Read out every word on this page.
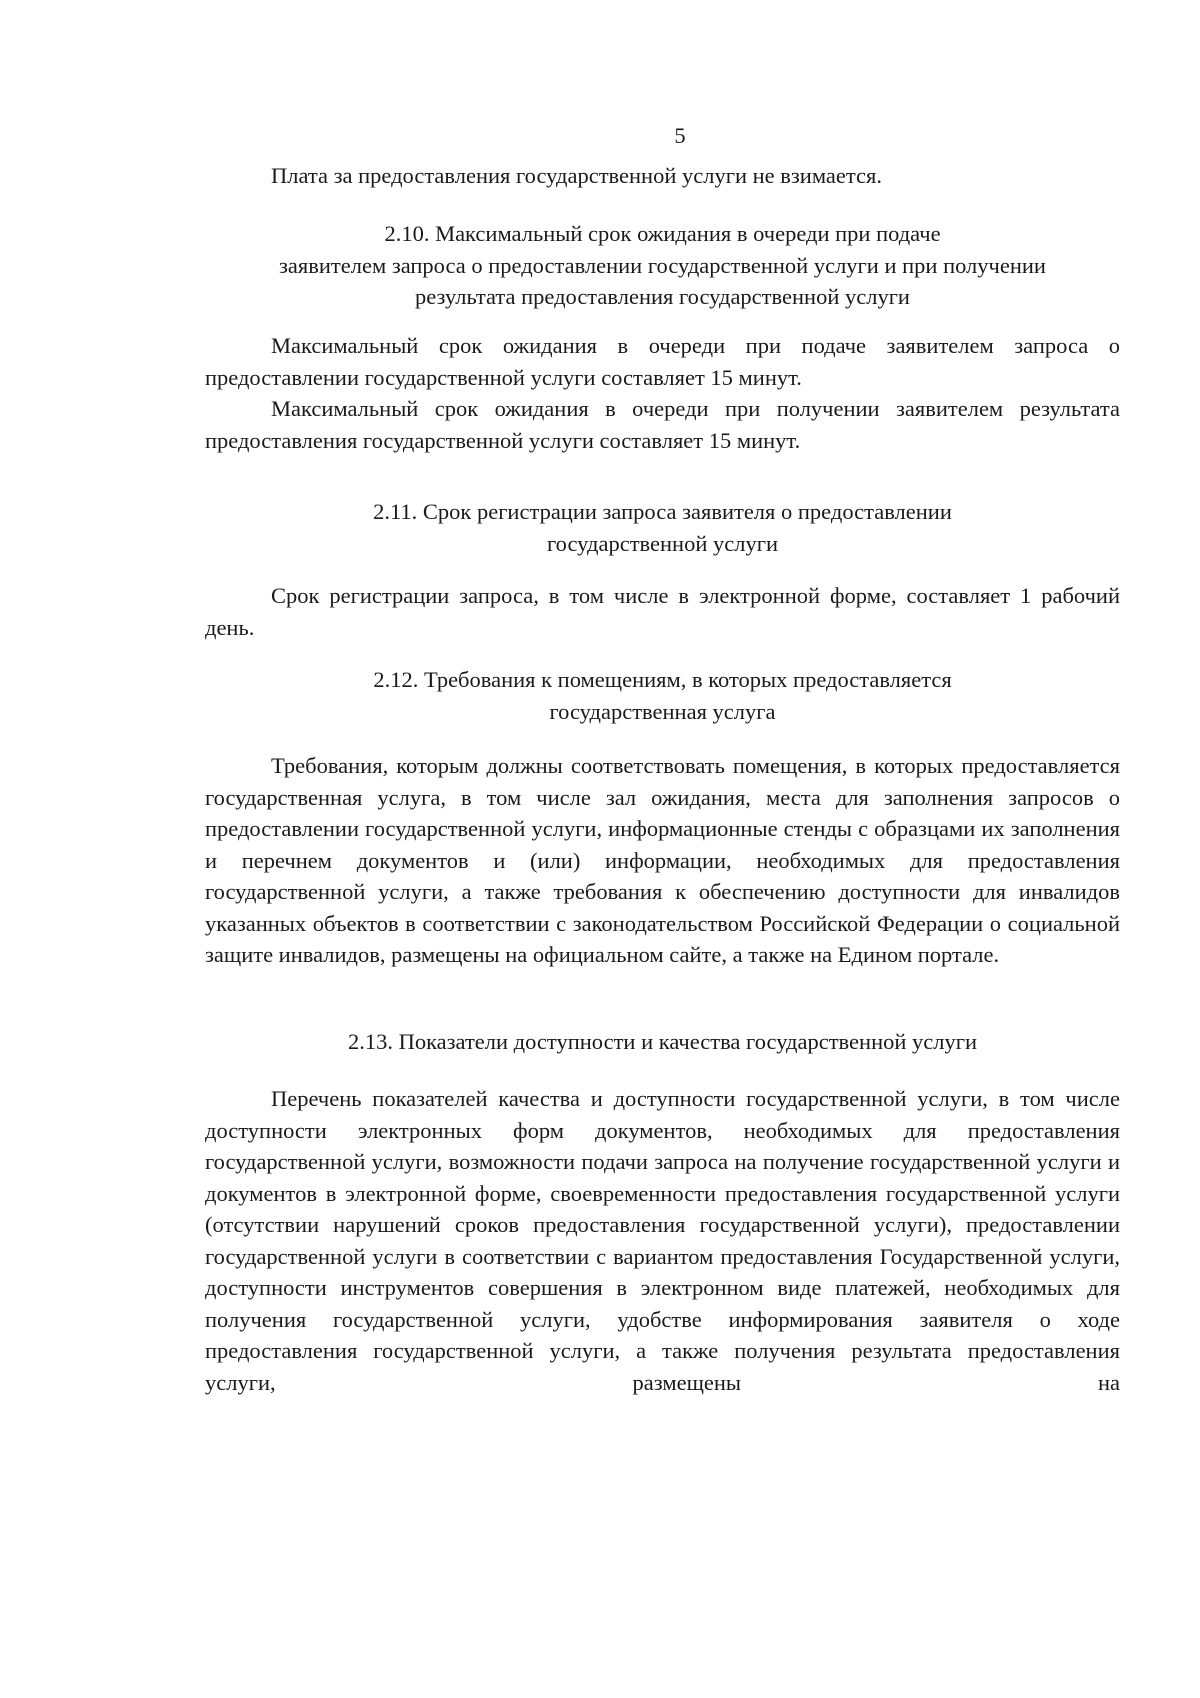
5

Плата за предоставления государственной услуги не взимается.

2.10. Максимальный срок ожидания в очереди при подаче
заявителем запроса о предоставлении государственной услуги и при получении
результата предоставления государственной услуги

Максимальный срок ожидания в очереди при подаче заявителем запроса о предоставлении государственной услуги составляет 15 минут.

Максимальный срок ожидания в очереди при получении заявителем результата предоставления государственной услуги составляет 15 минут.

2.11. Срок регистрации запроса заявителя о предоставлении
государственной услуги

Срок регистрации запроса, в том числе в электронной форме, составляет 1 рабочий день.

2.12. Требования к помещениям, в которых предоставляется
государственная услуга

Требования, которым должны соответствовать помещения, в которых предоставляется государственная услуга, в том числе зал ожидания, места для заполнения запросов о предоставлении государственной услуги, информационные стенды с образцами их заполнения и перечнем документов и (или) информации, необходимых для предоставления государственной услуги, а также требования к обеспечению доступности для инвалидов указанных объектов в соответствии с законодательством Российской Федерации о социальной защите инвалидов, размещены на официальном сайте, а также на Едином портале.

2.13. Показатели доступности и качества государственной услуги

Перечень показателей качества и доступности государственной услуги, в том числе доступности электронных форм документов, необходимых для предоставления государственной услуги, возможности подачи запроса на получение государственной услуги и документов в электронной форме, своевременности предоставления государственной услуги (отсутствии нарушений сроков предоставления государственной услуги), предоставлении государственной услуги в соответствии с вариантом предоставления Государственной услуги, доступности инструментов совершения в электронном виде платежей, необходимых для получения государственной услуги, удобстве информирования заявителя о ходе предоставления государственной услуги, а также получения результата предоставления услуги, размещены на
